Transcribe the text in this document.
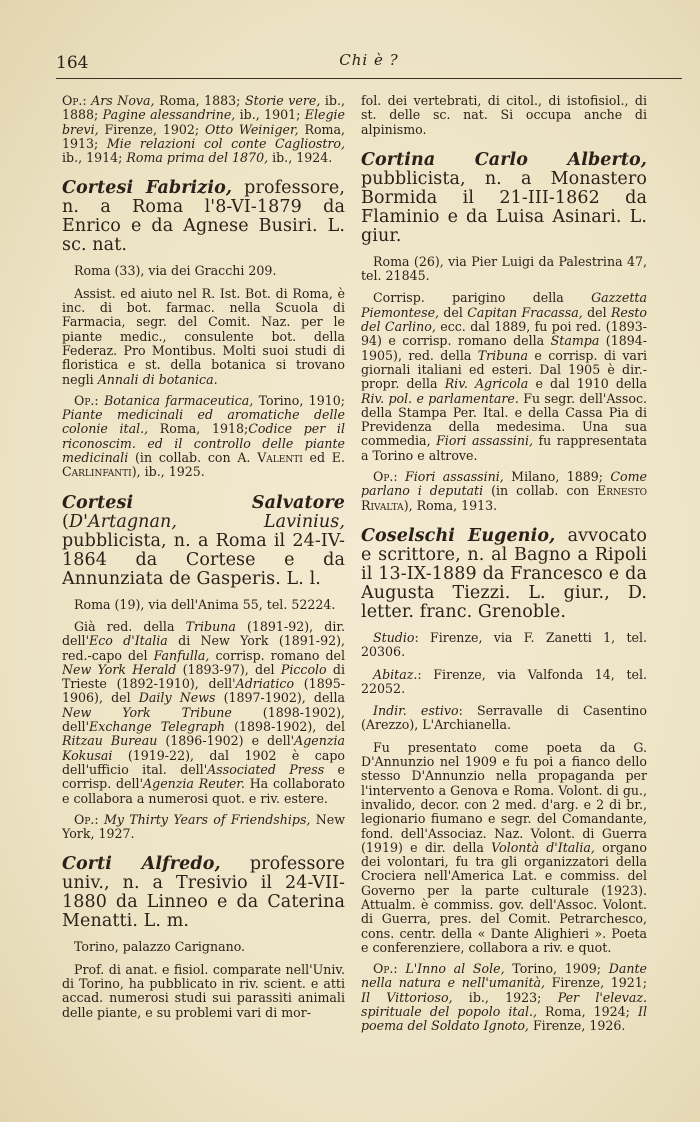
164	Chi è ?

Op.: Ars Nova, Roma, 1883; Storie vere, ib., 1888; Pagine alessandrine, ib., 1901; Elegie brevi, Firenze, 1902; Otto Weiniger, Roma, 1913; Mie relazioni col conte Cagliostro, ib., 1914; Roma prima del 1870, ib., 1924.

Cortesi Fabrizio, professore, n. a Roma l'8-VI-1879 da Enrico e da Agnese Busiri. L. sc. nat.

Roma (33), via dei Gracchi 209.

Assist. ed aiuto nel R. Ist. Bot. di Roma, è inc. di bot. farmac. nella Scuola di Farmacia, segr. del Comit. Naz. per le piante medic., consulente bot. della Federaz. Pro Montibus. Molti suoi studi di floristica e st. della botanica si trovano negli Annali di botanica.

Op.: Botanica farmaceutica, Torino, 1910; Piante medicinali ed aromatiche delle colonie ital., Roma, 1918;Codice per il riconoscim. ed il controllo delle piante medicinali (in collab. con A. Valenti ed E. Carlinfanti), ib., 1925.

Cortesi Salvatore (D'Artagnan, Lavinius, pubblicista, n. a Roma il 24-IV-1864 da Cortese e da Annunziata de Gasperis. L. l.

Roma (19), via dell'Anima 55, tel. 52224.

Già red. della Tribuna (1891-92), dir. dell'Eco d'Italia di New York (1891-92), red.-capo del Fanfulla, corrisp. romano del New York Herald (1893-97), del Piccolo di Trieste (1892-1910), dell'Adriatico (1895-1906), del Daily News (1897-1902), della New York Tribune (1898-1902), dell'Exchange Telegraph (1898-1902), del Ritzau Bureau (1896-1902) e dell'Agenzia Kokusai (1919-22), dal 1902 è capo dell'ufficio ital. dell'Associated Press e corrisp. dell'Agenzia Reuter. Ha collaborato e collabora a numerosi quot. e riv. estere.

Op.: My Thirty Years of Friendships, New York, 1927.

Corti Alfredo, professore univ., n. a Tresivio il 24-VII-1880 da Linneo e da Caterina Menatti. L. m.

Torino, palazzo Carignano.

Prof. di anat. e fisiol. comparate nell'Univ. di Torino, ha pubblicato in riv. scient. e atti accad. numerosi studi sui parassiti animali delle piante, e su problemi vari di mor-

fol. dei vertebrati, di citol., di istofisiol., di st. delle sc. nat. Si occupa anche di alpinismo.

Cortina Carlo Alberto, pubblicista, n. a Monastero Bormida il 21-III-1862 da Flaminio e da Luisa Asinari. L. giur.

Roma (26), via Pier Luigi da Palestrina 47, tel. 21845.

Corrisp. parigino della Gazzetta Piemontese, del Capitan Fracassa, del Resto del Carlino, ecc. dal 1889, fu poi red. (1893-94) e corrisp. romano della Stampa (1894-1905), red. della Tribuna e corrisp. di vari giornali italiani ed esteri. Dal 1905 è dir.-propr. della Riv. Agricola e dal 1910 della Riv. pol. e parlamentare. Fu segr. dell'Assoc. della Stampa Per. Ital. e della Cassa Pia di Previdenza della medesima. Una sua commedia, Fiori assassini, fu rappresentata a Torino e altrove.

Op.: Fiori assassini, Milano, 1889; Come parlano i deputati (in collab. con Ernesto Rivalta), Roma, 1913.

Coselschi Eugenio, avvocato e scrittore, n. al Bagno a Ripoli il 13-IX-1889 da Francesco e da Augusta Tiezzi. L. giur., D. letter. franc. Grenoble.

Studio: Firenze, via F. Zanetti 1, tel. 20306.

Abitaz.: Firenze, via Valfonda 14, tel. 22052.

Indir. estivo: Serravalle di Casentino (Arezzo), L'Archianella.

Fu presentato come poeta da G. D'Annunzio nel 1909 e fu poi a fianco dello stesso D'Annunzio nella propaganda per l'intervento a Genova e Roma. Volont. di gu., invalido, decor. con 2 med. d'arg. e 2 di br., legionario fiumano e segr. del Comandante, fond. dell'Associaz. Naz. Volont. di Guerra (1919) e dir. della Volontà d'Italia, organo dei volontari, fu tra gli organizzatori della Crociera nell'America Lat. e commiss. del Governo per la parte culturale (1923). Attualm. è commiss. gov. dell'Assoc. Volont. di Guerra, pres. del Comit. Petrarchesco, cons. centr. della « Dante Alighieri ». Poeta e conferenziere, collabora a riv. e quot.

Op.: L'Inno al Sole, Torino, 1909; Dante nella natura e nell'umanità, Firenze, 1921; Il Vittorioso, ib., 1923; Per l'elevaz. spirituale del popolo ital., Roma, 1924; Il poema del Soldato Ignoto, Firenze, 1926.
